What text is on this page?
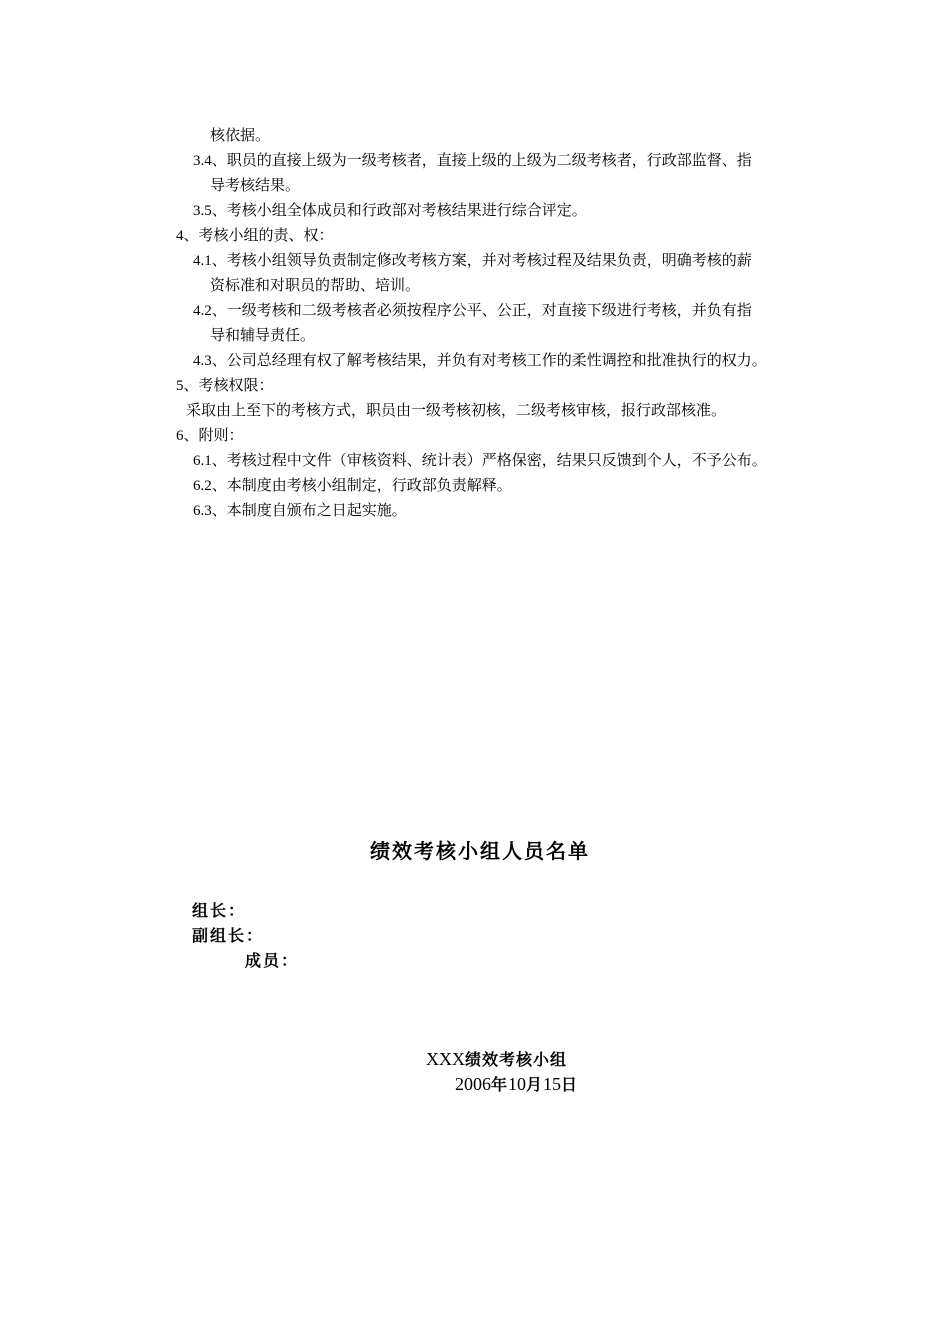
核依据。
3.4、职员的直接上级为一级考核者，直接上级的上级为二级考核者，行政部监督、指
导考核结果。
3.5、考核小组全体成员和行政部对考核结果进行综合评定。
4、考核小组的责、权：
4.1、考核小组领导负责制定修改考核方案，并对考核过程及结果负责，明确考核的薪
资标准和对职员的帮助、培训。
4.2、一级考核和二级考核者必须按程序公平、公正，对直接下级进行考核，并负有指
导和辅导责任。
4.3、公司总经理有权了解考核结果，并负有对考核工作的柔性调控和批准执行的权力。
5、考核权限：
采取由上至下的考核方式，职员由一级考核初核，二级考核审核，报行政部核准。
6、附则：
6.1、考核过程中文件（审核资料、统计表）严格保密，结果只反馈到个人，不予公布。
6.2、本制度由考核小组制定，行政部负责解释。
6.3、本制度自颁布之日起实施。
绩效考核小组人员名单
组长：
副组长：
成员：
XXX绩效考核小组
2006年10月15日
